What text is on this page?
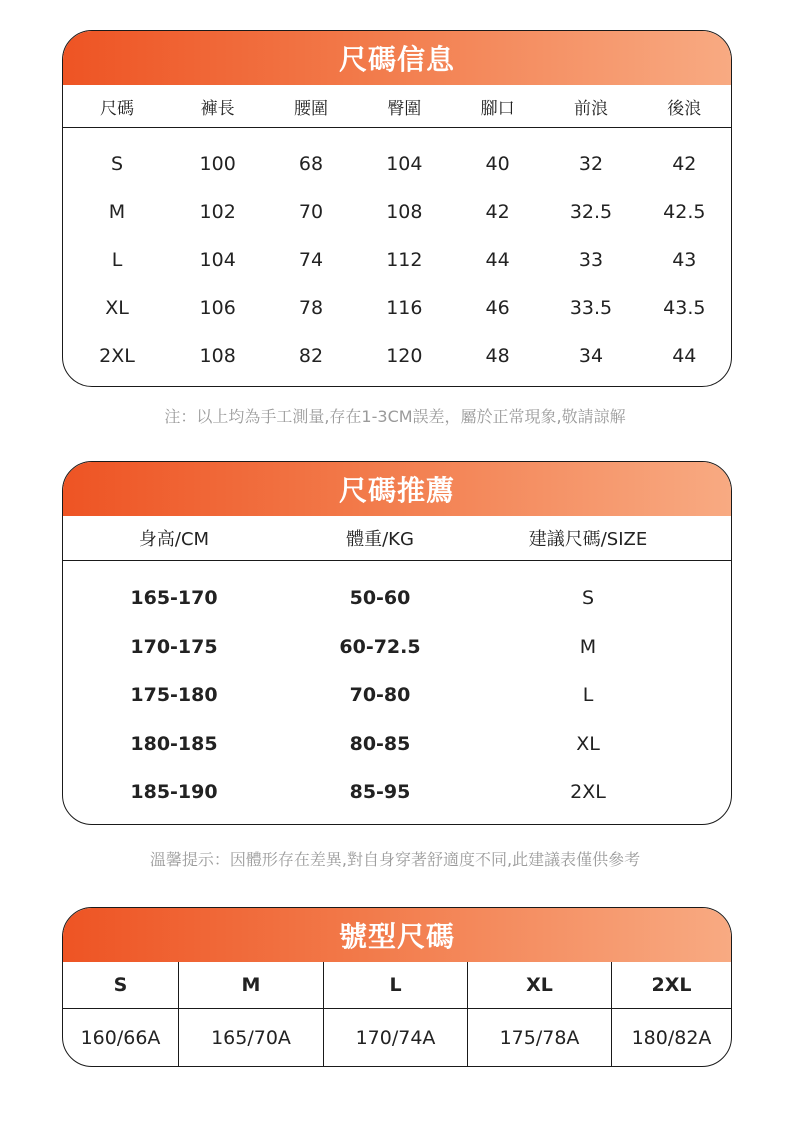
尺碼信息
尺碼	褲長	腰圍	臀圍	腳口	前浪	後浪
S	100	68	104	40	32	42
M	102	70	108	42	32.5	42.5
L	104	74	112	44	33	43
XL	106	78	116	46	33.5	43.5
2XL	108	82	120	48	34	44
注：以上均為手工測量,存在1-3CM誤差，屬於正常現象,敬請諒解
尺碼推薦
身高/CM	體重/KG	建議尺碼/SIZE
165-170	50-60	S
170-175	60-72.5	M
175-180	70-80	L
180-185	80-85	XL
185-190	85-95	2XL
溫馨提示：因體形存在差異,對自身穿著舒適度不同,此建議表僅供參考
號型尺碼
S	M	L	XL	2XL
160/66A	165/70A	170/74A	175/78A	180/82A
